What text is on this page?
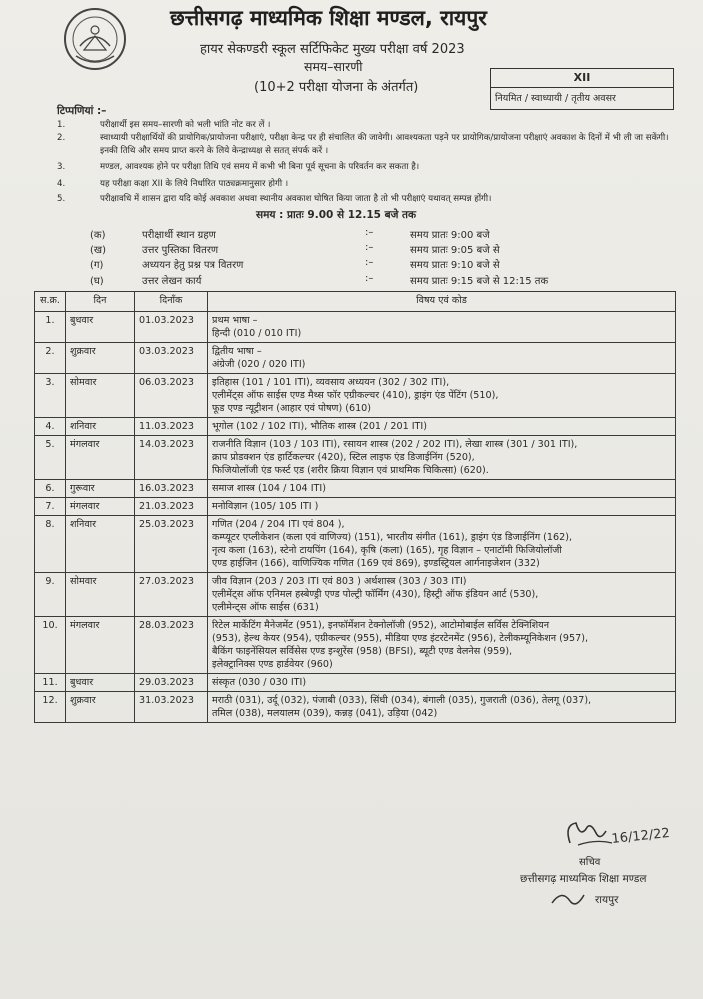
छत्तीसगढ़ माध्यमिक शिक्षा मण्डल, रायपुर
हायर सेकण्डरी स्कूल सर्टिफिकेट मुख्य परीक्षा वर्ष 2023
समय–सारणी
(10+2 परीक्षा योजना के अंतर्गत)
XII
नियमित / स्वाध्यायी / तृतीय अवसर
टिप्पणियां :–
1.	परीक्षार्थी इस समय–सारणी को भली भांति नोट कर लें ।
2.	स्वाध्यायी परीक्षार्थियों की प्रायोगिक/प्रायोजना परीक्षाएं, परीक्षा केन्द्र पर ही संचालित की जावेगी। आवश्यकता पड़ने पर प्रायोगिक/प्रायोजना परीक्षाएं अवकाश के दिनों में भी ली जा सकेंगी। इनकी तिथि और समय प्राप्त करने के लिये केन्द्राध्यक्ष से सतत् संपर्क करें ।
3.	मण्डल, आवश्यक होने पर परीक्षा तिथि एवं समय में कभी भी बिना पूर्व सूचना के परिवर्तन कर सकता है।
4.	यह परीक्षा कक्षा XII के लिये निर्धारित पाठ्यक्रमानुसार होगी ।
5.	परीक्षावधि में शासन द्वारा यदि कोई अवकाश अथवा स्थानीय अवकाश घोषित किया जाता है तो भी परीक्षाएं यथावत् सम्पन्न होंगी।
समय : प्रातः 9.00 से 12.15 बजे तक
(क)	परीक्षार्थी स्थान ग्रहण	:–	समय प्रातः 9:00 बजे
(ख)	उत्तर पुस्तिका वितरण	:–	समय प्रातः 9:05 बजे से
(ग)	अध्ययन हेतु प्रश्न पत्र वितरण	:–	समय प्रातः 9:10 बजे से
(घ)	उत्तर लेखन कार्य	:–	समय प्रातः 9:15 बजे से 12:15 तक
स.क्र.	दिन	दिनाँक	विषय एवं कोड
1.	बुधवार	01.03.2023	प्रथम भाषा –
हिन्दी (010 / 010 ITI)

2.	शुक्रवार	03.03.2023	द्वितीय भाषा –
अंग्रेजी (020 / 020 ITI)

3.	सोमवार	06.03.2023	इतिहास (101 / 101 ITI), व्यवसाय अध्ययन (302 / 302 ITI),
एलीमेंट्स ऑफ साईस एण्ड मैथ्स फॉर एग्रीकल्चर (410), ड्राइंग एंड पेंटिंग (510),
फूड एण्ड न्यूट्रीशन (आहार एवं पोषण) (610)

4.	शनिवार	11.03.2023	भूगोल (102 / 102 ITI), भौतिक शास्त्र (201 / 201 ITI)

5.	मंगलवार	14.03.2023	राजनीति विज्ञान (103 / 103 ITI), रसायन शास्त्र (202 / 202 ITI), लेखा शास्त्र (301 / 301 ITI),
क्राप प्रोडक्शन एंड हार्टिकल्चर (420), स्टिल लाइफ एंड डिजाईनिंग (520),
फिजियोलॉजी एंड फर्स्ट एड (शरीर क्रिया विज्ञान एवं प्राथमिक चिकित्सा) (620).

6.	गुरूवार	16.03.2023	समाज शास्त्र (104 / 104 ITI)

7.	मंगलवार	21.03.2023	मनोविज्ञान (105/ 105 ITI )

8.	शनिवार	25.03.2023	गणित (204 / 204 ITI एवं 804 ),
कम्प्यूटर एप्लीकेशन (कला एवं वाणिज्य) (151), भारतीय संगीत (161), ड्राइंग एंड डिजाईनिंग (162),
नृत्य कला (163), स्टेनो टायपिंग (164), कृषि (कला) (165), गृह विज्ञान – एनाटॉमी फिजियोलॉजी
एण्ड हाईजिन (166), वाणिज्यिक गणित (169 एवं 869), इण्डस्ट्रियल आर्गनाइजेशन (332)

9.	सोमवार	27.03.2023	जीव विज्ञान (203 / 203 ITI एवं 803 ) अर्थशास्त्र (303 / 303 ITI)
एलीमेंट्स ऑफ एनिमल हस्बेण्ड्री एण्ड पोल्ट्री फॉर्मिंग (430), हिस्ट्री ऑफ इंडियन आर्ट (530),
एलीमेन्ट्स ऑफ साईस (631)

10.	मंगलवार	28.03.2023	रिटेल मार्केटिंग मैनेजमेंट (951), इनफॉर्मेशन टेक्नोलॉजी (952), आटोमोबाईल सर्विस टेक्निशियन
(953), हेल्थ केयर (954), एग्रीकल्चर (955), मीडिया एण्ड इंटरटेनमेंट (956), टेलीकम्यूनिकेशन (957),
बैकिंग फाइनेंसियल सर्विसेस एण्ड इन्शुरेंस (958) (BFSI), ब्यूटी एण्ड वेलनेस (959),
इलेक्ट्रानिक्स एण्ड हार्डवेयर (960)

11.	बुधवार	29.03.2023	संस्कृत (030 / 030 ITI)

12.	शुक्रवार	31.03.2023	मराठी (031), उर्दू (032), पंजाबी (033), सिंधी (034), बंगाली (035), गुजराती (036), तेलगू (037),
तमिल (038), मलयालम (039), कन्नड़ (041), उड़िया (042)
16/12/22
सचिव
छत्तीसगढ़ माध्यमिक शिक्षा मण्डल
रायपुर
